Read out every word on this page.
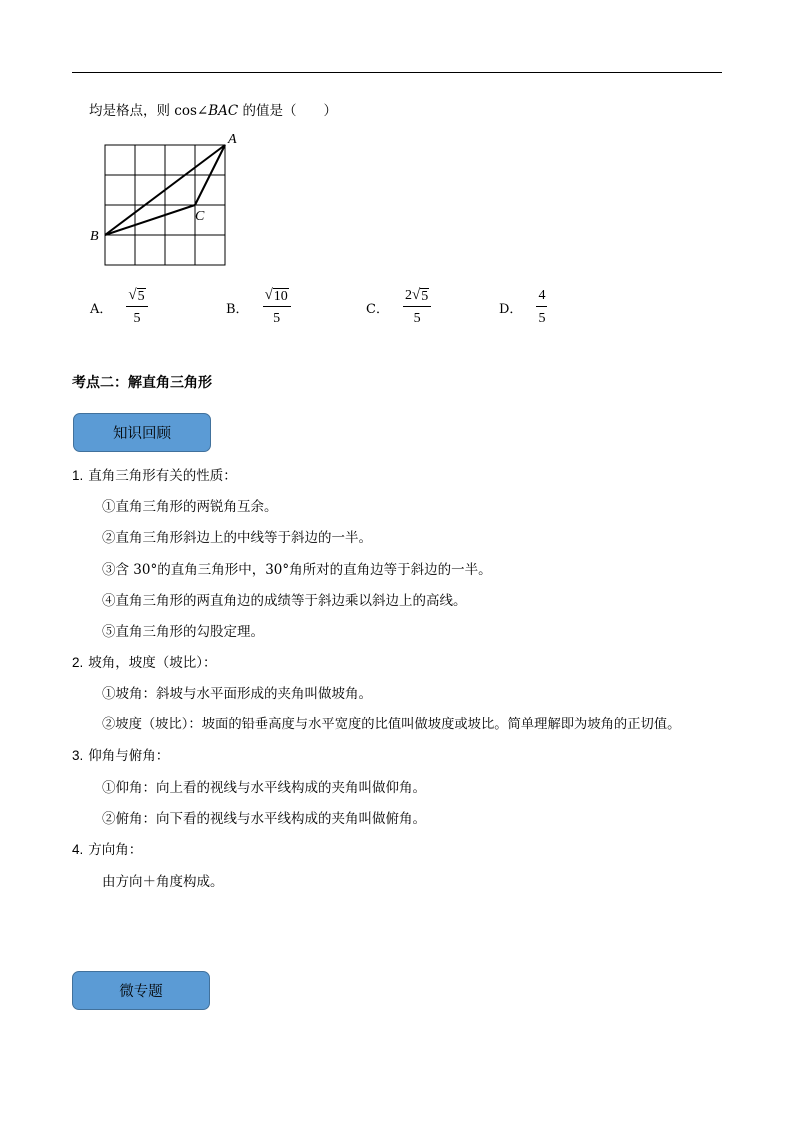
均是格点，则 cos∠BAC 的值是（　　）
A
B
C
A． $\frac{√ 5}{5}$	B． $\frac{√ 10}{5}$	C． $\frac{2 √ 5}{5}$	D． $\frac{4}{5}$
考点二：解直角三角形
知识回顾
1. 直角三角形有关的性质：
①直角三角形的两锐角互余。
②直角三角形斜边上的中线等于斜边的一半。
③含 30°的直角三角形中，30°角所对的直角边等于斜边的一半。
④直角三角形的两直角边的成绩等于斜边乘以斜边上的高线。
⑤直角三角形的勾股定理。
2. 坡角，坡度（坡比）：
①坡角：斜坡与水平面形成的夹角叫做坡角。
②坡度（坡比）：坡面的铅垂高度与水平宽度的比值叫做坡度或坡比。简单理解即为坡角的正切值。
3. 仰角与俯角：
①仰角：向上看的视线与水平线构成的夹角叫做仰角。
②俯角：向下看的视线与水平线构成的夹角叫做俯角。
4. 方向角：
由方向＋角度构成。
微专题
